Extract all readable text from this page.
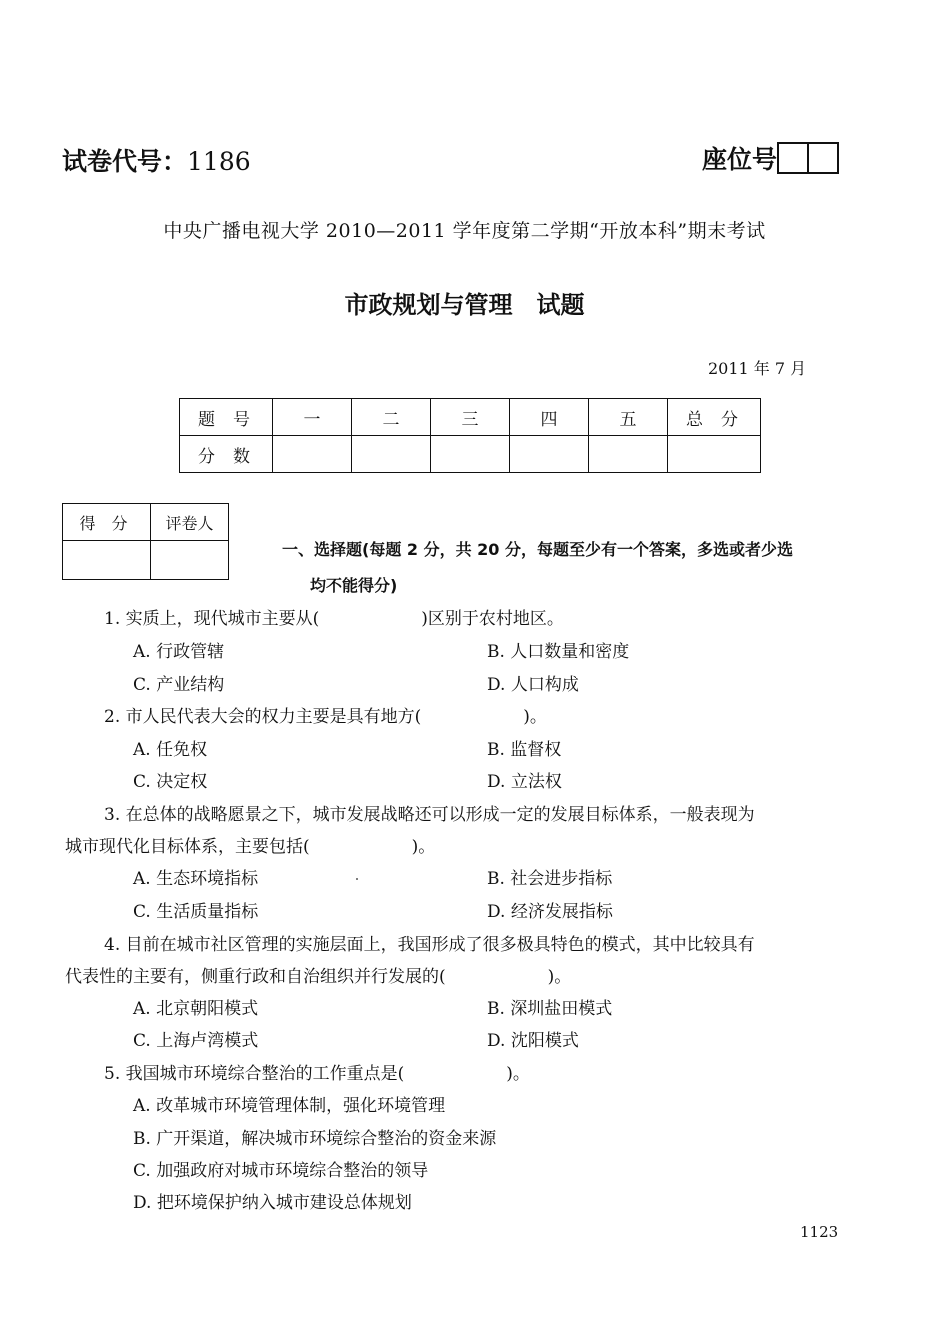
试卷代号：1186	座位号
中央广播电视大学 2010—2011 学年度第二学期“开放本科”期末考试
市政规划与管理　试题
2011 年 7 月
题号	一	二	三	四	五	总分
分数						
得分	评卷人

一、选择题(每题 2 分，共 20 分，每题至少有一个答案，多选或者少选
均不能得分)
1. 实质上，现代城市主要从(　　　　　　)区别于农村地区。
A. 行政管辖	B. 人口数量和密度
C. 产业结构	D. 人口构成
2. 市人民代表大会的权力主要是具有地方(　　　　　　)。
A. 任免权	B. 监督权
C. 决定权	D. 立法权
3. 在总体的战略愿景之下，城市发展战略还可以形成一定的发展目标体系，一般表现为
城市现代化目标体系，主要包括(　　　　　　)。
A. 生态环境指标	B. 社会进步指标
C. 生活质量指标	D. 经济发展指标
4. 目前在城市社区管理的实施层面上，我国形成了很多极具特色的模式，其中比较具有
代表性的主要有，侧重行政和自治组织并行发展的(　　　　　　)。
A. 北京朝阳模式	B. 深圳盐田模式
C. 上海卢湾模式	D. 沈阳模式
5. 我国城市环境综合整治的工作重点是(　　　　　　)。
A. 改革城市环境管理体制，强化环境管理
B. 广开渠道，解决城市环境综合整治的资金来源
C. 加强政府对城市环境综合整治的领导
D. 把环境保护纳入城市建设总体规划
1123
